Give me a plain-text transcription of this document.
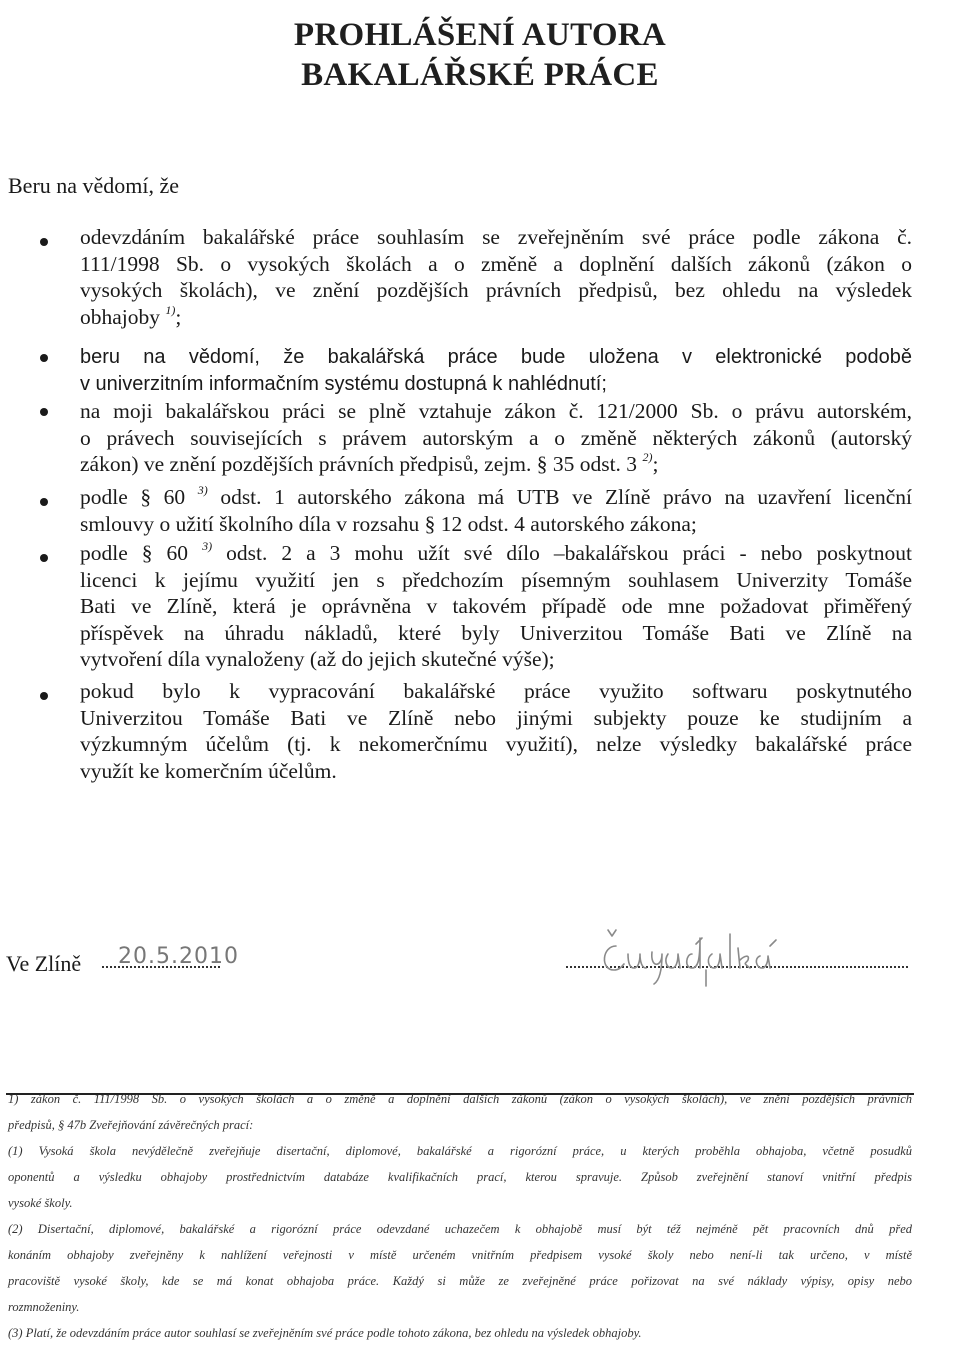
PROHLÁŠENÍ AUTORA
BAKALÁŘSKÉ PRÁCE
Beru na vědomí, že
odevzdáním bakalářské práce souhlasím se zveřejněním své práce podle zákona č.
111/1998 Sb. o vysokých školách a o změně a doplnění dalších zákonů (zákon o
vysokých školách), ve znění pozdějších právních předpisů, bez ohledu na výsledek
obhajoby $^{1)}$;
beru na vědomí, že bakalářská práce bude uložena v elektronické podobě
v univerzitním informačním systému dostupná k nahlédnutí;
na moji bakalářskou práci se plně vztahuje zákon č. 121/2000 Sb. o právu autorském,
o právech souvisejících s právem autorským a o změně některých zákonů (autorský
zákon) ve znění pozdějších právních předpisů, zejm. § 35 odst. 3 $^{2)}$;
podle § 60 $^{3)}$ odst. 1 autorského zákona má UTB ve Zlíně právo na uzavření licenční
smlouvy o užití školního díla v rozsahu § 12 odst. 4 autorského zákona;
podle § 60 $^{3)}$ odst. 2 a 3 mohu užít své dílo –bakalářskou práci - nebo poskytnout
licenci k jejímu využití jen s předchozím písemným souhlasem Univerzity Tomáše
Bati ve Zlíně, která je oprávněna v takovém případě ode mne požadovat přiměřený
příspěvek na úhradu nákladů, které byly Univerzitou Tomáše Bati ve Zlíně na
vytvoření díla vynaloženy (až do jejich skutečné výše);
pokud bylo k vypracování bakalářské práce využito softwaru poskytnutého
Univerzitou Tomáše Bati ve Zlíně nebo jinými subjekty pouze ke studijním a
výzkumným účelům (tj. k nekomerčnímu využití), nelze výsledky bakalářské práce
využít ke komerčním účelům.
Ve Zlíně 20.5.2010
1) zákon č. 111/1998 Sb. o vysokých školách a o změně a doplnění dalších zákonů (zákon o vysokých školách), ve znění pozdějších právních
předpisů, § 47b Zveřejňování závěrečných prací:
(1) Vysoká škola nevýdělečně zveřejňuje disertační, diplomové, bakalářské a rigorózní práce, u kterých proběhla obhajoba, včetně posudků
oponentů a výsledku obhajoby prostřednictvím databáze kvalifikačních prací, kterou spravuje. Způsob zveřejnění stanoví vnitřní předpis
vysoké školy.
(2) Disertační, diplomové, bakalářské a rigorózní práce odevzdané uchazečem k obhajobě musí být též nejméně pět pracovních dnů před
konáním obhajoby zveřejněny k nahlížení veřejnosti v místě určeném vnitřním předpisem vysoké školy nebo není-li tak určeno, v místě
pracoviště vysoké školy, kde se má konat obhajoba práce. Každý si může ze zveřejněné práce pořizovat na své náklady výpisy, opisy nebo
rozmnoženiny.
(3) Platí, že odevzdáním práce autor souhlasí se zveřejněním své práce podle tohoto zákona, bez ohledu na výsledek obhajoby.
